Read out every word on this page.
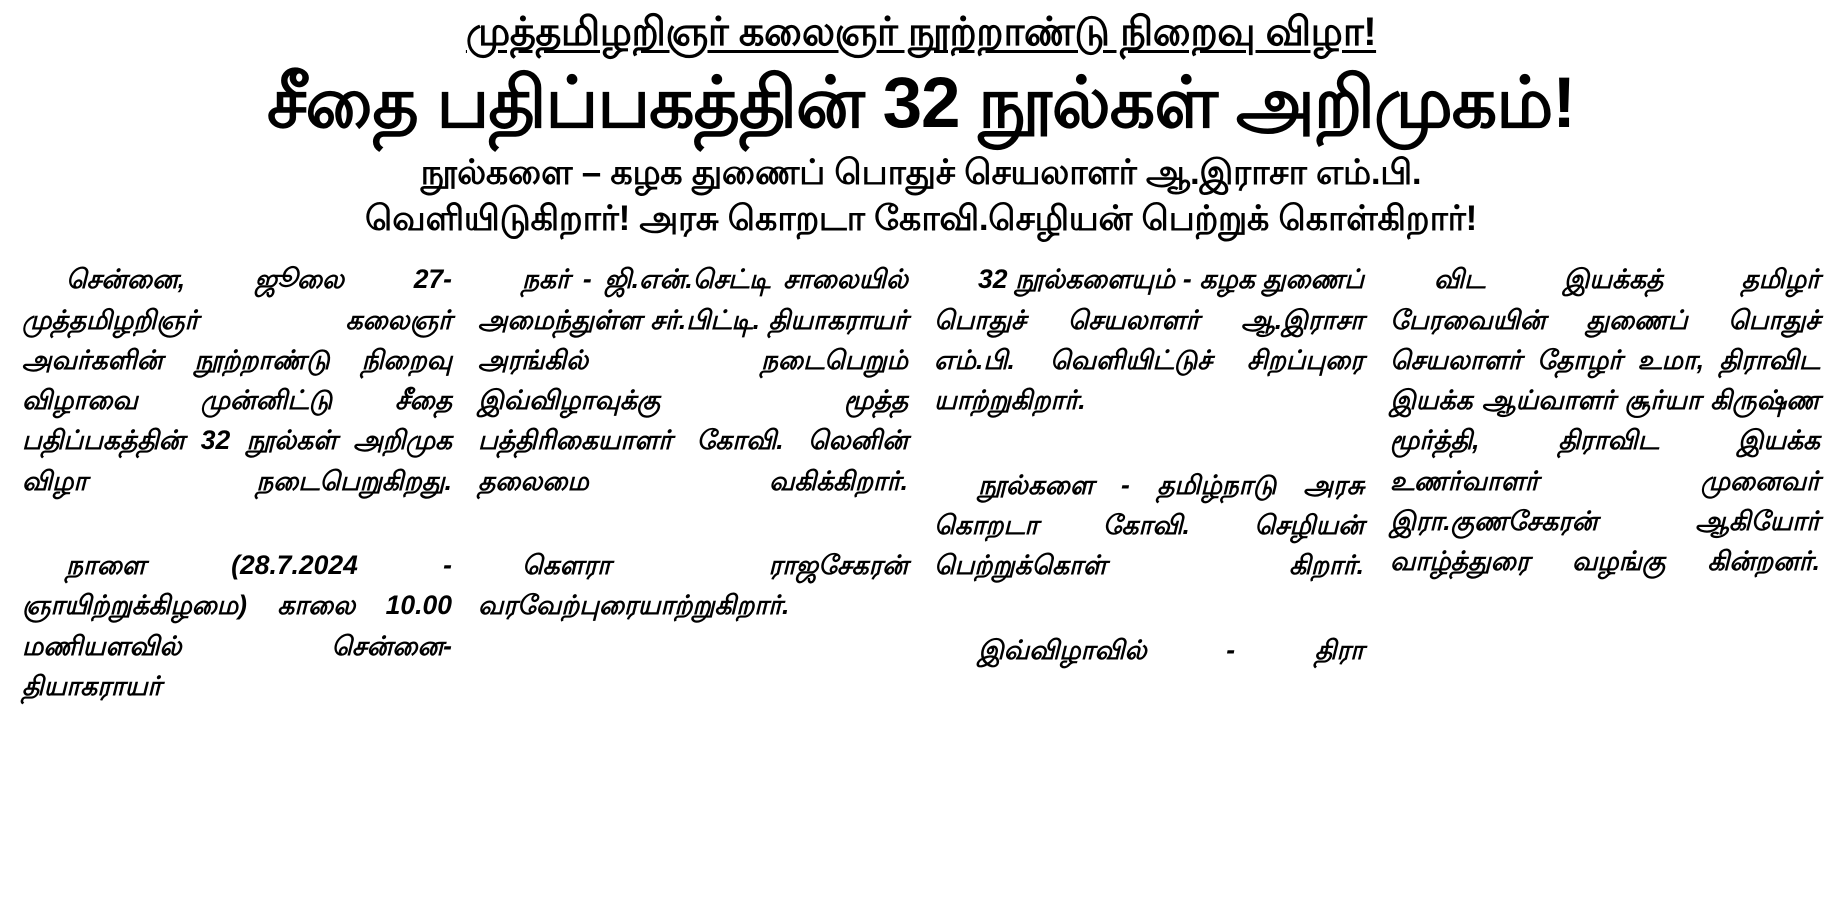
முத்தமிழறிஞர் கலைஞர் நூற்றாண்டு நிறைவு விழா!
சீதை பதிப்பகத்தின் 32 நூல்கள் அறிமுகம்!
நூல்களை – கழக துணைப் பொதுச் செயலாளர் ஆ.இராசா எம்.பி.
வெளியிடுகிறார்! அரசு கொறடா கோவி.செழியன் பெற்றுக் கொள்கிறார்!

சென்னை, ஜூலை 27- முத்தமிழறிஞர் கலைஞர் அவர்களின் நூற்றாண்டு நிறைவு விழாவை முன்னிட்டு சீதை பதிப்பகத்தின் 32 நூல்கள் அறிமுக விழா நடைபெறுகிறது.

நாளை (28.7.2024 - ஞாயிற்றுக்கிழமை) காலை 10.00 மணியளவில் சென்னை- தியாகராயர்

நகர் - ஜி.என்.செட்டி சாலையில் அமைந்துள்ள சர்.பிட்டி. தியாகராயர் அரங்கில் நடைபெறும் இவ்விழாவுக்கு மூத்த பத்திரிகையாளர் கோவி. லெனின் தலைமை வகிக்கிறார்.

கௌரா ராஜசேகரன் வரவேற்புரையாற்றுகிறார்.

32 நூல்களையும் - கழக துணைப் பொதுச் செயலாளர் ஆ.இராசா எம்.பி. வெளியிட்டுச் சிறப்புரை யாற்றுகிறார்.

நூல்களை - தமிழ்நாடு அரசு கொறடா கோவி. செழியன் பெற்றுக்கொள் கிறார்.

இவ்விழாவில் - திரா

விட இயக்கத் தமிழர் பேரவையின் துணைப் பொதுச் செயலாளர் தோழர் உமா, திராவிட இயக்க ஆய்வாளர் சூர்யா கிருஷ்ண மூர்த்தி, திராவிட இயக்க உணர்வாளர் முனைவர் இரா.குணசேகரன் ஆகியோர் வாழ்த்துரை வழங்கு கின்றனர்.
